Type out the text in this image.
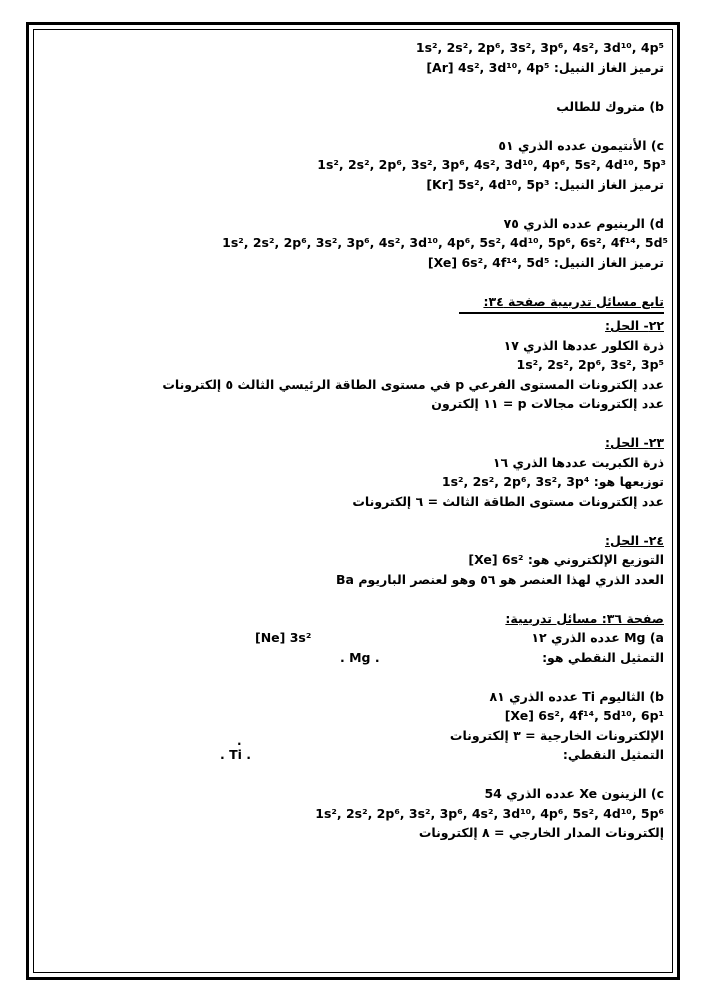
1s², 2s², 2p⁶, 3s², 3p⁶, 4s², 3d¹⁰, 4p⁵
ترميز الغاز النبيل: [Ar] 4s², 3d¹⁰, 4p⁵
b) متروك للطالب
c) الأنتيمون عدده الذري ٥١
1s², 2s², 2p⁶, 3s², 3p⁶, 4s², 3d¹⁰, 4p⁶, 5s², 4d¹⁰, 5p³
ترميز الغاز النبيل: [Kr] 5s², 4d¹⁰, 5p³
d) الرينيوم عدده الذري ٧٥
1s², 2s², 2p⁶, 3s², 3p⁶, 4s², 3d¹⁰, 4p⁶, 5s², 4d¹⁰, 5p⁶, 6s², 4f¹⁴, 5d⁵
ترميز الغاز النبيل: [Xe] 6s², 4f¹⁴, 5d⁵
تابع مسائل تدريبية صفحة ٣٤:
٢٢- الحل:
ذرة الكلور عددها الذري ١٧
1s², 2s², 2p⁶, 3s², 3p⁵
عدد إلكترونات المستوى الفرعي p في مستوى الطاقة الرئيسي الثالث ٥ إلكترونات
عدد إلكترونات مجالات p = ١١ إلكترون
٢٣- الحل:
ذرة الكبريت عددها الذري ١٦
توزيعها هو: 1s², 2s², 2p⁶, 3s², 3p⁴
عدد إلكترونات مستوى الطاقة الثالث = ٦ إلكترونات
٢٤- الحل:
التوزيع الإلكتروني هو: [Xe] 6s²
العدد الذري لهذا العنصر هو ٥٦ وهو لعنصر الباريوم Ba
صفحة ٣٦: مسائل تدريبية:
Mg (a عدده الذري ١٢
[Ne] 3s²
التمثيل النقطي هو:
. Mg .
b) الثاليوم Ti عدده الذري ٨١
[Xe] 6s², 4f¹⁴, 5d¹⁰, 6p¹
الإلكترونات الخارجية = ٣ إلكترونات
التمثيل النقطي:
.
. Ti .
c) الزينون Xe عدده الذري 54
1s², 2s², 2p⁶, 3s², 3p⁶, 4s², 3d¹⁰, 4p⁶, 5s², 4d¹⁰, 5p⁶
إلكترونات المدار الخارجي = ٨ إلكترونات
